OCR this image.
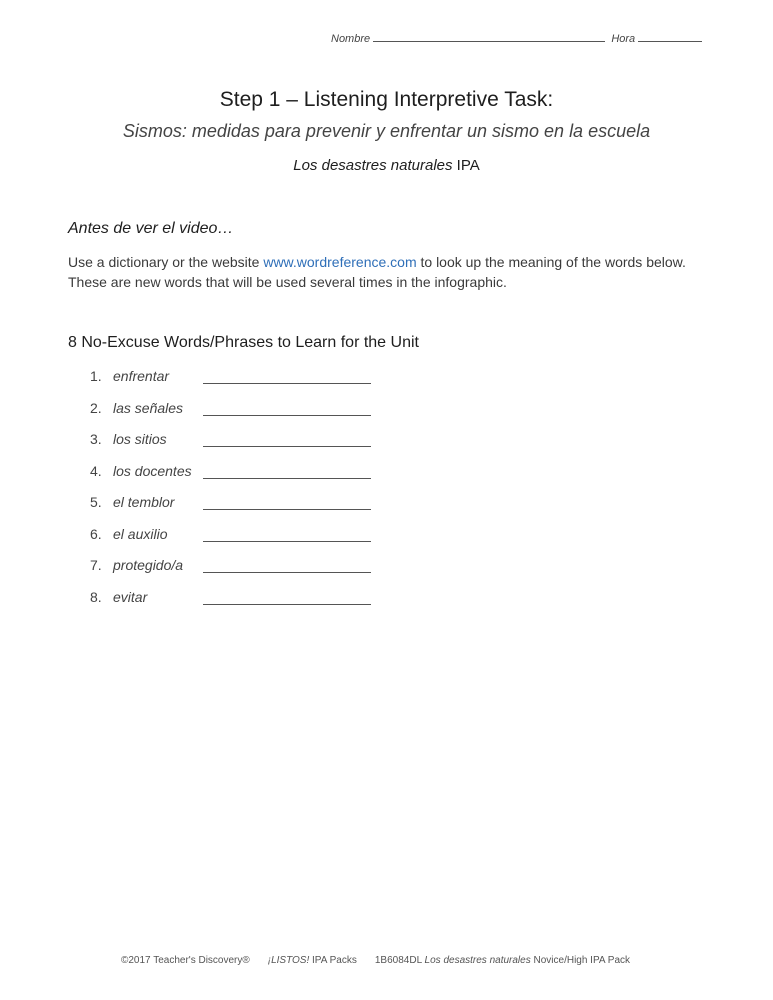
Nombre	Hora
Step 1 – Listening Interpretive Task:
Sismos: medidas para prevenir y enfrentar un sismo en la escuela
Los desastres naturales IPA
Antes de ver el video…
Use a dictionary or the website www.wordreference.com to look up the meaning of the words below. These are new words that will be used several times in the infographic.
8 No-Excuse Words/Phrases to Learn for the Unit
1. enfrentar
2. las señales
3. los sitios
4. los docentes
5. el temblor
6. el auxilio
7. protegido/a
8. evitar
©2017 Teacher's Discovery® ¡LISTOS! IPA Packs 1B6084DL Los desastres naturales Novice/High IPA Pack
